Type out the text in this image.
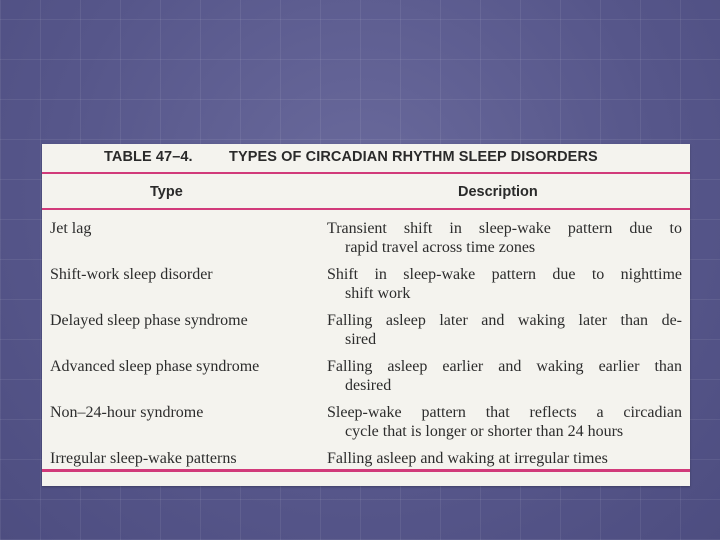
TABLE 47–4.	TYPES OF CIRCADIAN RHYTHM SLEEP DISORDERS
Type	Description
Jet lag	Transient shift in sleep-wake pattern due to
rapid travel across time zones
Shift-work sleep disorder	Shift in sleep-wake pattern due to nighttime
shift work
Delayed sleep phase syndrome	Falling asleep later and waking later than de-
sired
Advanced sleep phase syndrome	Falling asleep earlier and waking earlier than
desired
Non–24-hour syndrome	Sleep-wake pattern that reflects a circadian
cycle that is longer or shorter than 24 hours
Irregular sleep-wake patterns	Falling asleep and waking at irregular times
